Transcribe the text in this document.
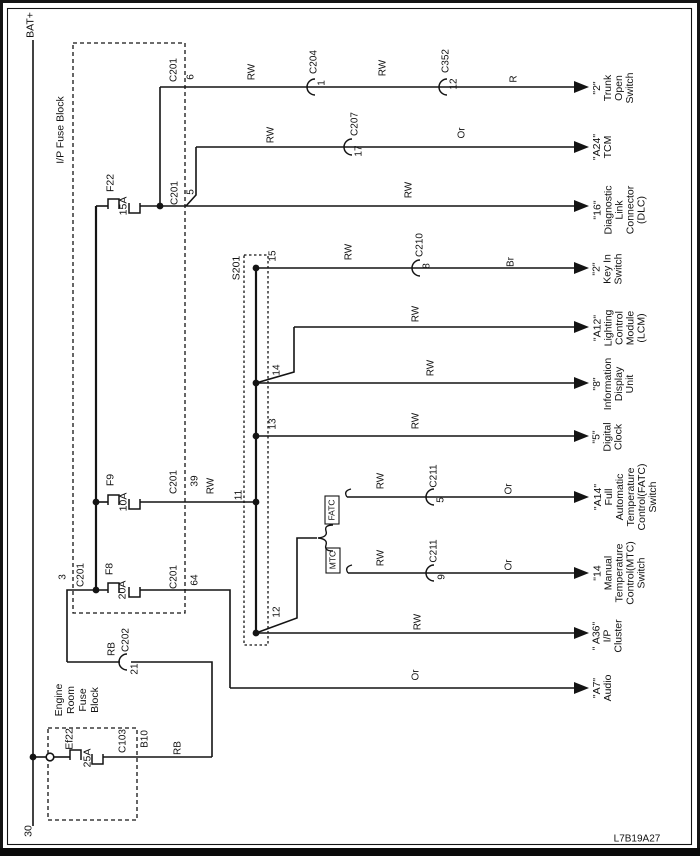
BAT+
30
I/P Fuse Block
F22
15A
F9
10A
F8
20A
C201 6
C201 5
C201 39
C201 64
3 C201
S201	15
14
13
11
12
RW
RW	C204
1
RW	C352
12	R
RW	C207
17
Or
RW
RW	C210
8	Br
RW
RW
RW
FATC
RW	C211
5
Or
MTC	RW	C211
9
Or
RW
Or
RB C202
21
Engine Room Fuse Block
Ef22
25A
C103 B10
RB
"2" Trunk Open Switch
"A24" TCM
"16" Diagnostic Link Connector (DLC)
"2" Key In Switch
"A12" Lighting Control Module (LCM)
"8" Information Display Unit
"5" Digital Clock
"A14" Full Automatic Temperature Control(FATC) Switch
"14 Manual Temperature Control(MTC) Switch
" A36" I/P Cluster
"A7" Audio
L7B19A27
